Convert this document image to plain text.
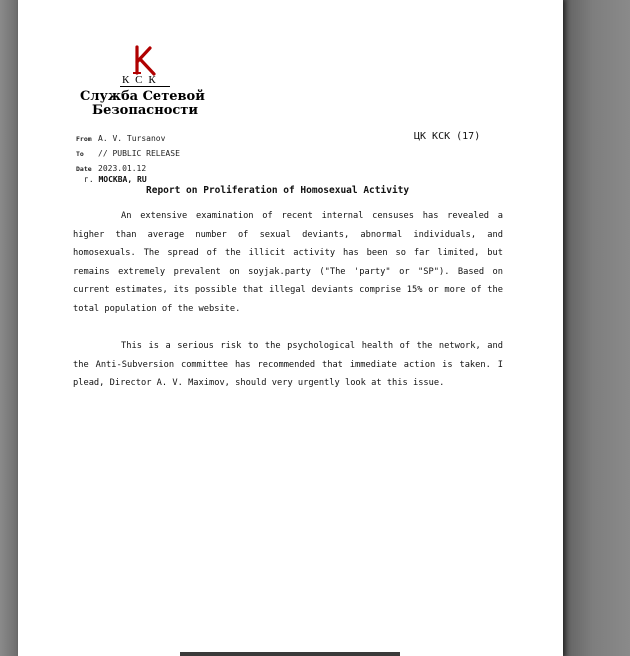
КСК
Служба Сетевой
Безопасности
From A. V. Tursanov
To // PUBLIC RELEASE
Date 2023.01.12
ЦК КСК (17)
г. МОСКВА, RU
Report on Proliferation of Homosexual Activity
An extensive examination of recent internal censuses has revealed a higher than average number of sexual deviants, abnormal individuals, and homosexuals. The spread of the illicit activity has been so far limited, but remains extremely prevalent on soyjak.party ("The 'party" or "SP"). Based on current estimates, its possible that illegal deviants comprise 15% or more of the total population of the website.
This is a serious risk to the psychological health of the network, and the Anti-Subversion committee has recommended that immediate action is taken. I plead, Director A. V. Maximov, should very urgently look at this issue.
